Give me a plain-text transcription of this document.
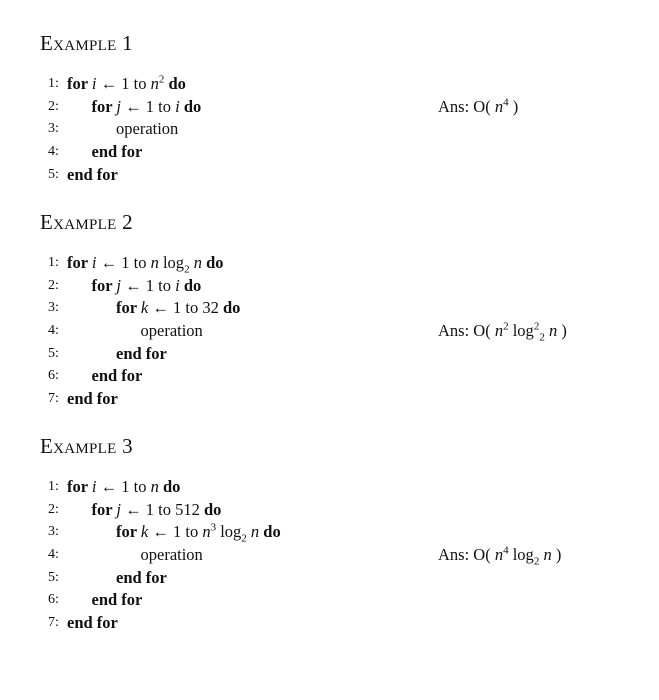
Example 1
1: for i ← 1 to $n^2$ do
2: for j ← 1 to i do	Ans: O( $n^4$ )
3:	operation
4: end for
5: end for
Example 2
1: for i ← 1 to n $\log_2 n$ do
2: for j ← 1 to i do
3:	for k ← 1 to 32 do
4:	operation	Ans: O( $n^2$ $\log^2_2 n$ )
5:	end for
6: end for
7: end for
Example 3
1: for i ← 1 to n do
2: for j ← 1 to 512 do
3:	for k ← 1 to $n^3$ $\log_2 n$ do
4:	operation	Ans: O( $n^4$ $\log_2 n$ )
5:	end for
6: end for
7: end for
